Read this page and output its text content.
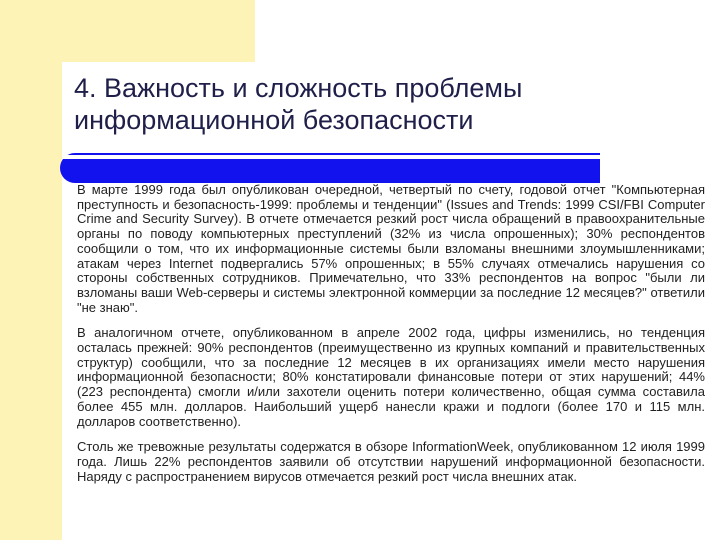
4. Важность и сложность проблемы информационной безопасности

В марте 1999 года был опубликован очередной, четвертый по счету, годовой отчет "Компьютерная преступность и безопасность-1999: проблемы и тенденции" (Issues and Trends: 1999 CSI/FBI Computer Crime and Security Survey). В отчете отмечается резкий рост числа обращений в правоохранительные органы по поводу компьютерных преступлений (32% из числа опрошенных); 30% респондентов сообщили о том, что их информационные системы были взломаны внешними злоумышленниками; атакам через Internet подвергались 57% опрошенных; в 55% случаях отмечались нарушения со стороны собственных сотрудников. Примечательно, что 33% респондентов на вопрос "были ли взломаны ваши Web-серверы и системы электронной коммерции за последние 12 месяцев?" ответили "не знаю".

В аналогичном отчете, опубликованном в апреле 2002 года, цифры изменились, но тенденция осталась прежней: 90% респондентов (преимущественно из крупных компаний и правительственных структур) сообщили, что за последние 12 месяцев в их организациях имели место нарушения информационной безопасности; 80% констатировали финансовые потери от этих нарушений; 44% (223 респондента) смогли и/или захотели оценить потери количественно, общая сумма составила более 455 млн. долларов. Наибольший ущерб нанесли кражи и подлоги (более 170 и 115 млн. долларов соответственно).

Столь же тревожные результаты содержатся в обзоре InformationWeek, опубликованном 12 июля 1999 года. Лишь 22% респондентов заявили об отсутствии нарушений информационной безопасности. Наряду с распространением вирусов отмечается резкий рост числа внешних атак.
